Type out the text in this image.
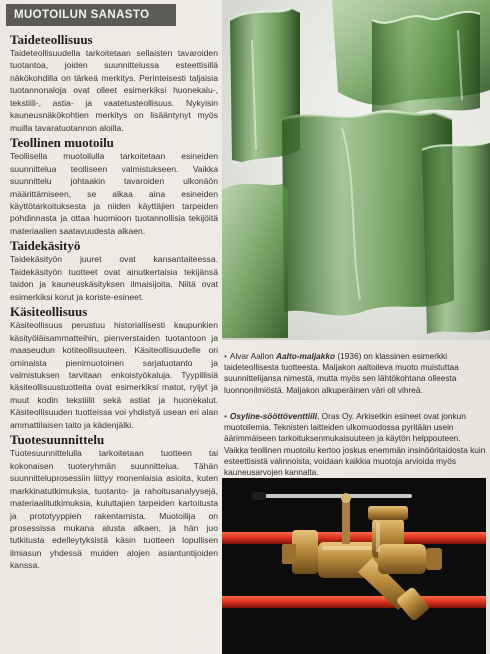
MUOTOILUN SANASTO
Taideteollisuus

Taideteollisuudella tarkoitetaan sellaisten tavaroiden tuotantoa, joiden suunnittelussa esteettisillä näkökohdilla on tärkeä merkitys. Perinteisesti taljaisia tuotannonaloja ovat olleet esimerkiksi huonekalu-, tekstiili-, astia- ja vaatetusteollisuus. Nykyisin kauneusnäkökohtien merkitys on lisääntynyt myös muilla tavaratuotannon aloilla.

Teollinen muotoilu

Teollisella muotoilulla tarkoitetaan esineiden suunnittelua teolliseen valmistukseen. Vaikka suunnittelu johtaakin tavaroiden ulkonäön määrittämiseen, se alkaa aina esineiden käyttötarkoituksesta ja niiden käyttäjien tarpeiden pohdinnasta ja ottaa huomioon tuotannollisia tekijöitä materiaalien saatavuudesta alkaen.

Taidekäsityö

Taidekäsityön juuret ovat kansantaiteessa. Taidekäsityön tuotteet ovat ainutkertaisia tekijänsä taidon ja kauneuskäsityksen ilmaisijoita. Niitä ovat esimerkiksi korut ja koriste-esineet.

Käsiteollisuus

Käsiteollisuus perustuu historiallisesti kaupunkien käsityöläisammatteihin, pienverstaiden tuotantoon ja maaseudun kotiteollisuuteen. Käsiteollisuudelle ori ominaista pienimuotoinen sarjatuotanto ja valmistuksen tarvitaan enkoistyökaluja. Tyypillisiä käsiteollisuustuotteita ovat esimerkiksi matot, ryijyt ja muut kodin tekstiilit sekä astiat ja huonekalut. Käsiteollisuuden tuotteissa voi yhdistyä usean eri alan ammattilaisen taito ja kädenjälki.

Tuotesuunnittelu

Tuotesuunnittelulla tarkoitetaan tuotteen tai kokonaisen tuoteryhmän suunnittelua. Tähän suunnitteluprosessiin liittyy monenlaisia asioita, kuten markkinatutkimuksia, tuotanto- ja rahoitusanalyysejä, materiaalitutkimuksia, kuluttajien tarpeiden kartoitusta ja prototyyppien rakentamista. Muotoilija on prosessissa mukana alusta alkaen, ja hän juo tutkitusta edelleytyksistä käsin tuotteen lopullisen ilmiasun yhdessä muiden alojen asiantuntijoiden kanssa.

• Alvar Aallon Aalto-maljakko (1936) on klassinen esimerkki taideteollisesta tuotteesta. Maljakon aaltoileva muoto muistuttaa suunnittelijansa nimestä, mutta myös sen lähtökohtana olleesta luonnonilmiöstä. Maljakon alkuperäinen väri oli vihreä.
• Osyline-sööttöventtiili, Oras Oy. Arkisetkin esineet ovat jonkun muotoilemia. Teknisten laitteiden ulkomuodossa pyritään usein äärimmäiseen tarkoituksenmukaisuuteen ja käytön helppouteen. Vaikka teollinen muotoilu kertoo joskus enemmän insinööritaidosta kuin esteettisistä valinnoista, voidaan kaikkia muotoja arvioida myös kauneusarvojen kannalta.
